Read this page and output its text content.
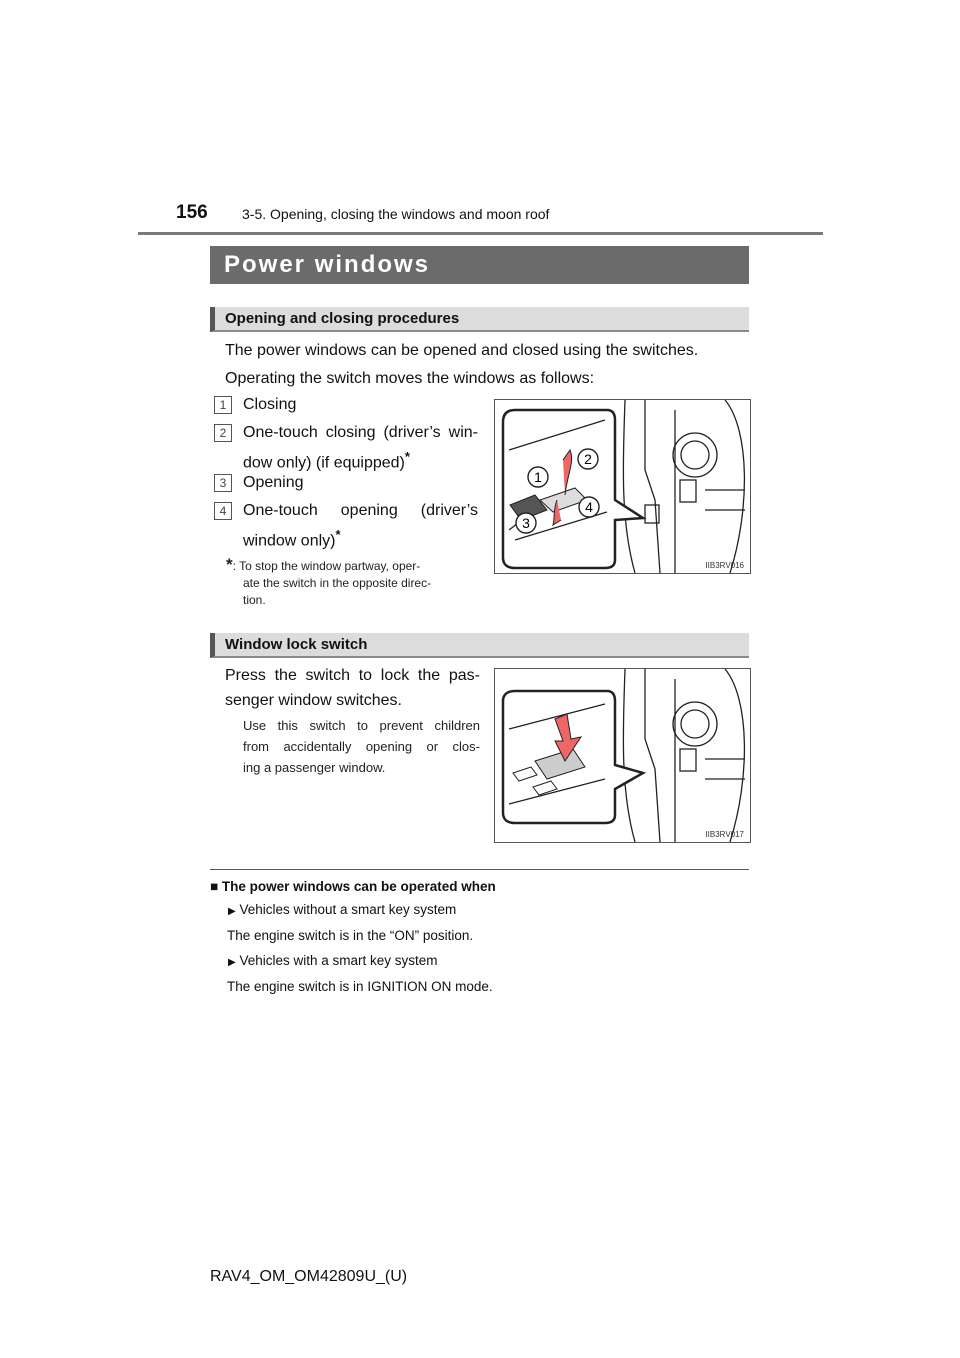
156 3-5. Opening, closing the windows and moon roof
Power windows
Opening and closing procedures
The power windows can be opened and closed using the switches.
Operating the switch moves the windows as follows:
1	Closing
2	One-touch closing (driver’s win-
dow only) (if equipped)*
3	Opening
4	One-touch opening (driver’s
window only)*
*: To stop the window partway, oper-
ate the switch in the opposite direc-
tion.
1
2
3
4
IIB3RV016
Window lock switch
Press the switch to lock the pas-
senger window switches.
Use this switch to prevent children
from accidentally opening or clos-
ing a passenger window.
IIB3RV017
■ The power windows can be operated when
▶ Vehicles without a smart key system
The engine switch is in the “ON” position.
▶ Vehicles with a smart key system
The engine switch is in IGNITION ON mode.
RAV4_OM_OM42809U_(U)
